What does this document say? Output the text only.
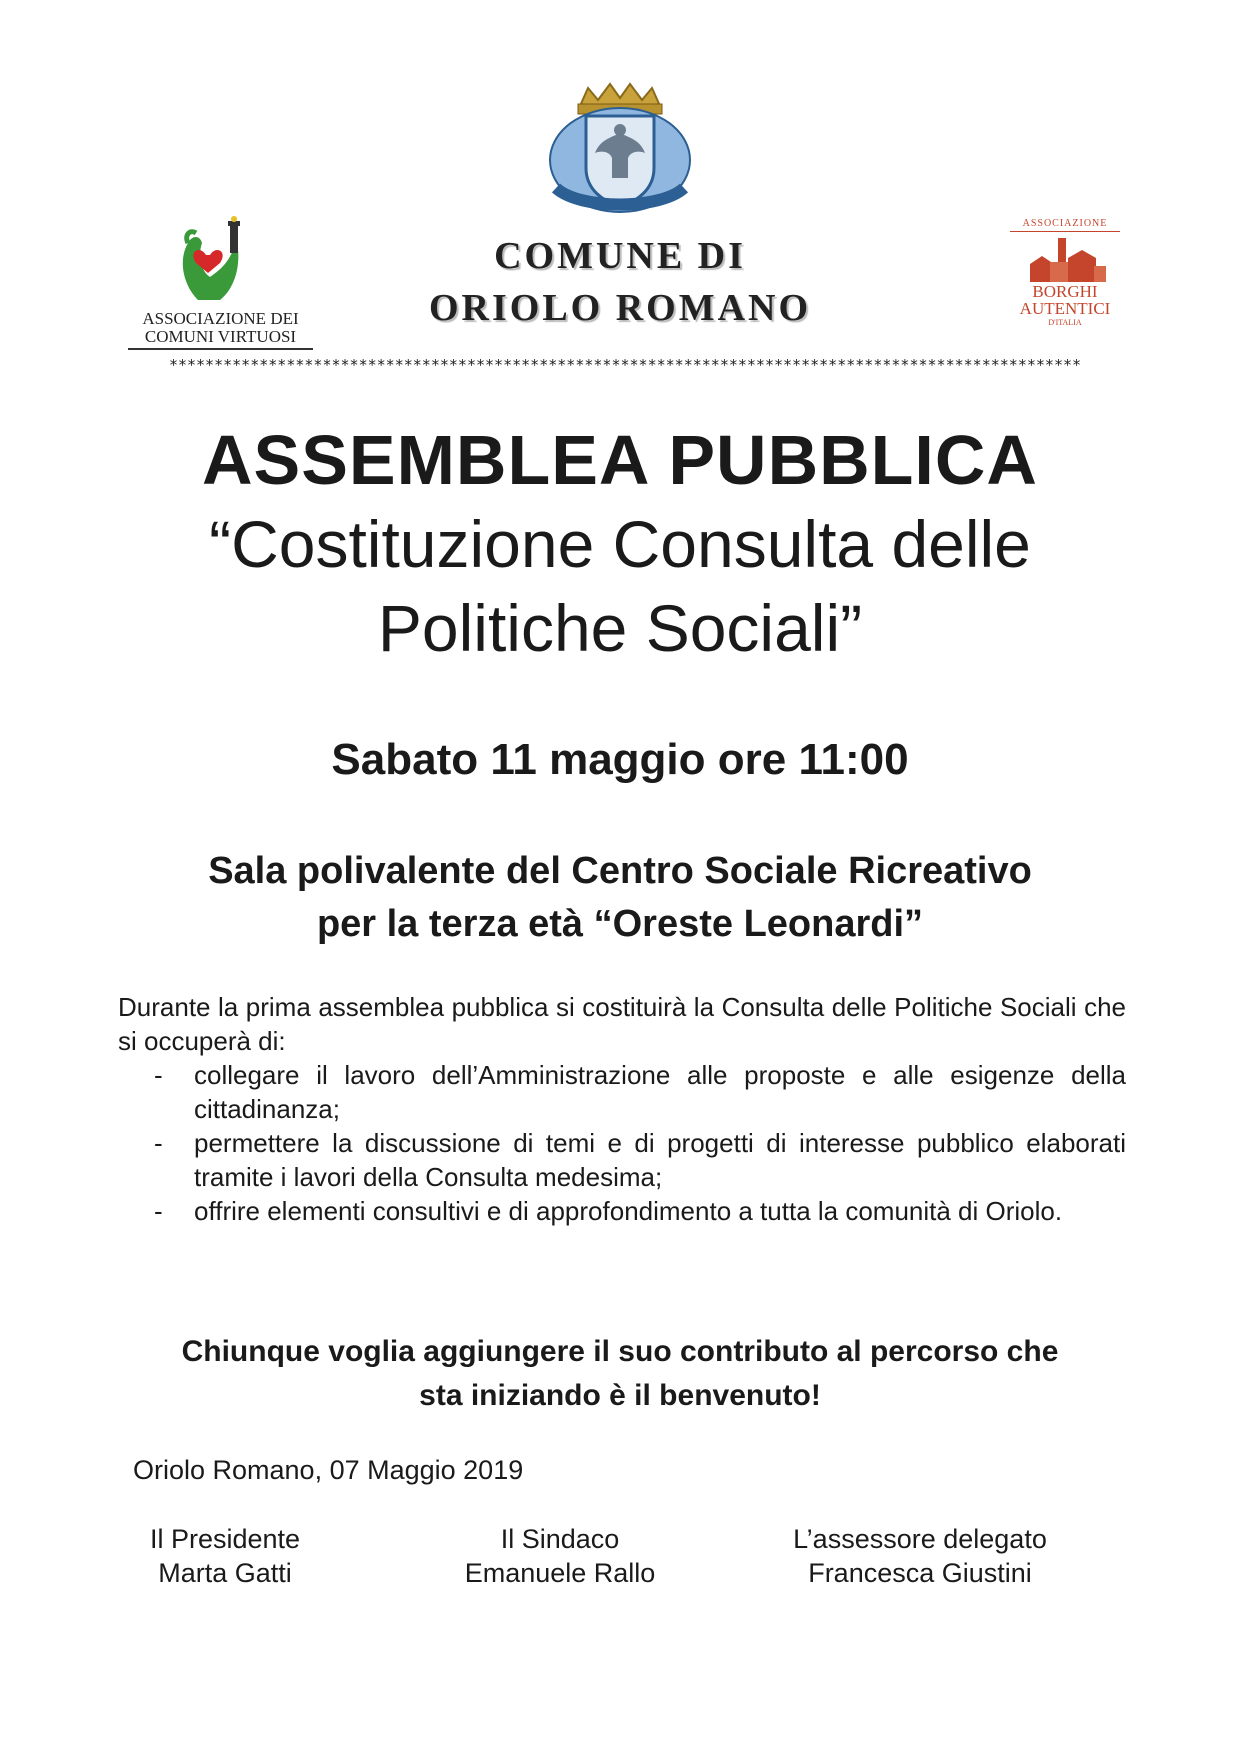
ASSOCIAZIONE DEI
COMUNI VIRTUOSI
COMUNE DI
ORIOLO ROMANO
ASSOCIAZIONE
BORGHI
AUTENTICI
D'ITALIA
*****************************************************************************************************
ASSEMBLEA PUBBLICA
“Costituzione Consulta delle
Politiche Sociali”
Sabato 11 maggio ore 11:00
Sala polivalente del Centro Sociale Ricreativo
per la terza età “Oreste Leonardi”
Durante la prima assemblea pubblica si costituirà la Consulta delle Politiche Sociali che si occuperà di:
- collegare il lavoro dell’Amministrazione alle proposte e alle esigenze della cittadinanza;
- permettere la discussione di temi e di progetti di interesse pubblico elaborati tramite i lavori della Consulta medesima;
- offrire elementi consultivi e di approfondimento a tutta la comunità di Oriolo.
Chiunque voglia aggiungere il suo contributo al percorso che
sta iniziando è il benvenuto!
Oriolo Romano, 07 Maggio 2019
Il Presidente
Marta Gatti
Il Sindaco
Emanuele Rallo
L’assessore delegato
Francesca Giustini
